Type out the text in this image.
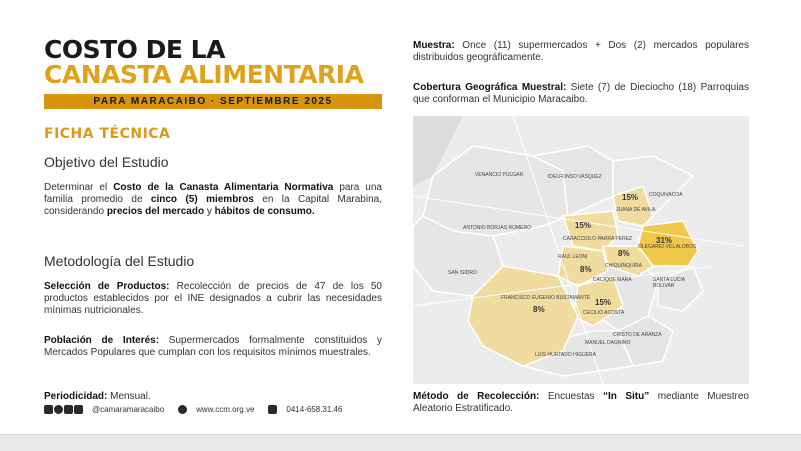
COSTO DE LA
CANASTA ALIMENTARIA
PARA MARACAIBO · SEPTIEMBRE 2025
FICHA TÉCNICA
Objetivo del Estudio
Determinar el Costo de la Canasta Alimentaria Normativa para una familia promedio de cinco (5) miembros en la Capital Marabina, considerando precios del mercado y hábitos de consumo.
Metodología del Estudio
Selección de Productos: Recolección de precios de 47 de los 50 productos establecidos por el INE designados a cubrir las necesidades mínimas nutricionales.
Población de Interés: Supermercados formalmente constituidos y Mercados Populares que cumplan con los requisitos mínimos muestrales.
Periodicidad: Mensual.
@camaramaracaibo	www.ccm.org.ve	0414-658.31.46
Muestra: Once (11) supermercados + Dos (2) mercados populares distribuidos geográficamente.
Cobertura Geográfica Muestral: Siete (7) de Dieciocho (18) Parroquias que conforman el Municipio Maracaibo.
VENANCIO PULGAR	IDELFONSO VASQUEZ
COQUIVACOA
JUANA DE AVILA
ANTONIO BORJAS ROMERO
CARACCIOLO PARRA PEREZ
OLEGARIO VILLALOBOS
RAUL LEONI
CHIQUINQUIRA
SAN ISIDRO
SANTA LUCIA
BOLIVAR
CACIQUE MARA
FRANCISCO EUGENIO BUSTAMANTE
CECILIO ACOSTA
CRISTO DE ARANZA
MANUEL DAGNINO
LUIS HURTADO HIGUERA
15%
15%
31%
8%
8%
15%
8%
Método de Recolección: Encuestas “In Situ” mediante Muestreo Aleatorio Estratificado.
